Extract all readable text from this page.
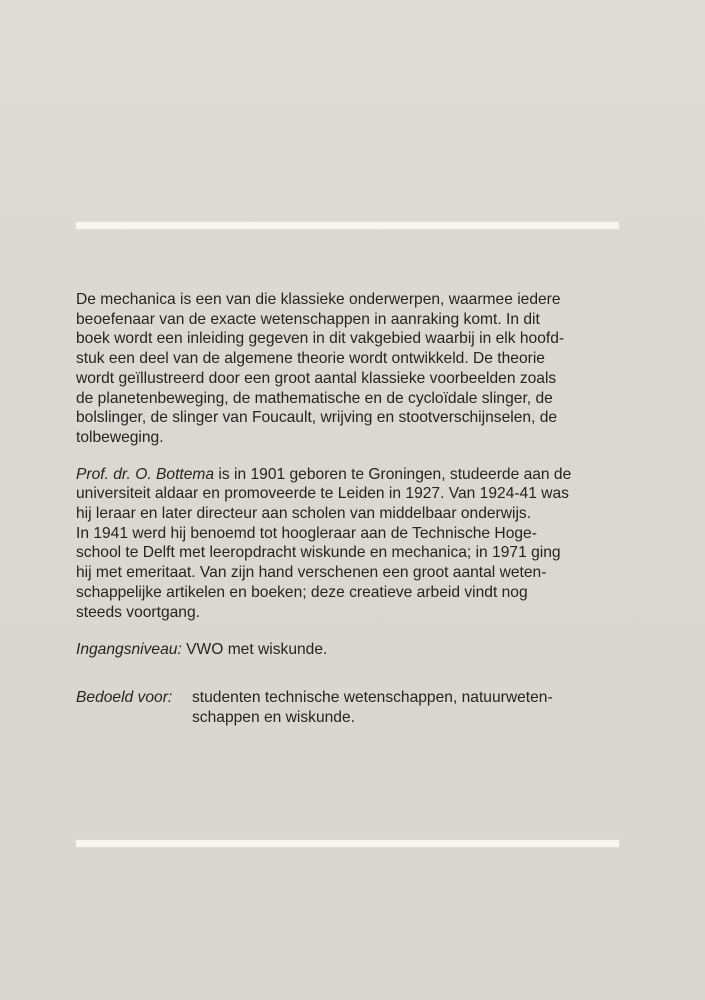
De mechanica is een van die klassieke onderwerpen, waarmee iedere
beoefenaar van de exacte wetenschappen in aanraking komt. In dit
boek wordt een inleiding gegeven in dit vakgebied waarbij in elk hoofd-
stuk een deel van de algemene theorie wordt ontwikkeld. De theorie
wordt geïllustreerd door een groot aantal klassieke voorbeelden zoals
de planetenbeweging, de mathematische en de cycloïdale slinger, de
bolslinger, de slinger van Foucault, wrijving en stootverschijnselen, de
tolbeweging.

Prof. dr. O. Bottema is in 1901 geboren te Groningen, studeerde aan de
universiteit aldaar en promoveerde te Leiden in 1927. Van 1924-41 was
hij leraar en later directeur aan scholen van middelbaar onderwijs.
In 1941 werd hij benoemd tot hoogleraar aan de Technische Hoge-
school te Delft met leeropdracht wiskunde en mechanica; in 1971 ging
hij met emeritaat. Van zijn hand verschenen een groot aantal weten-
schappelijke artikelen en boeken; deze creatieve arbeid vindt nog
steeds voortgang.

Ingangsniveau: VWO met wiskunde.

Bedoeld voor:	studenten technische wetenschappen, natuurweten-
schappen en wiskunde.
